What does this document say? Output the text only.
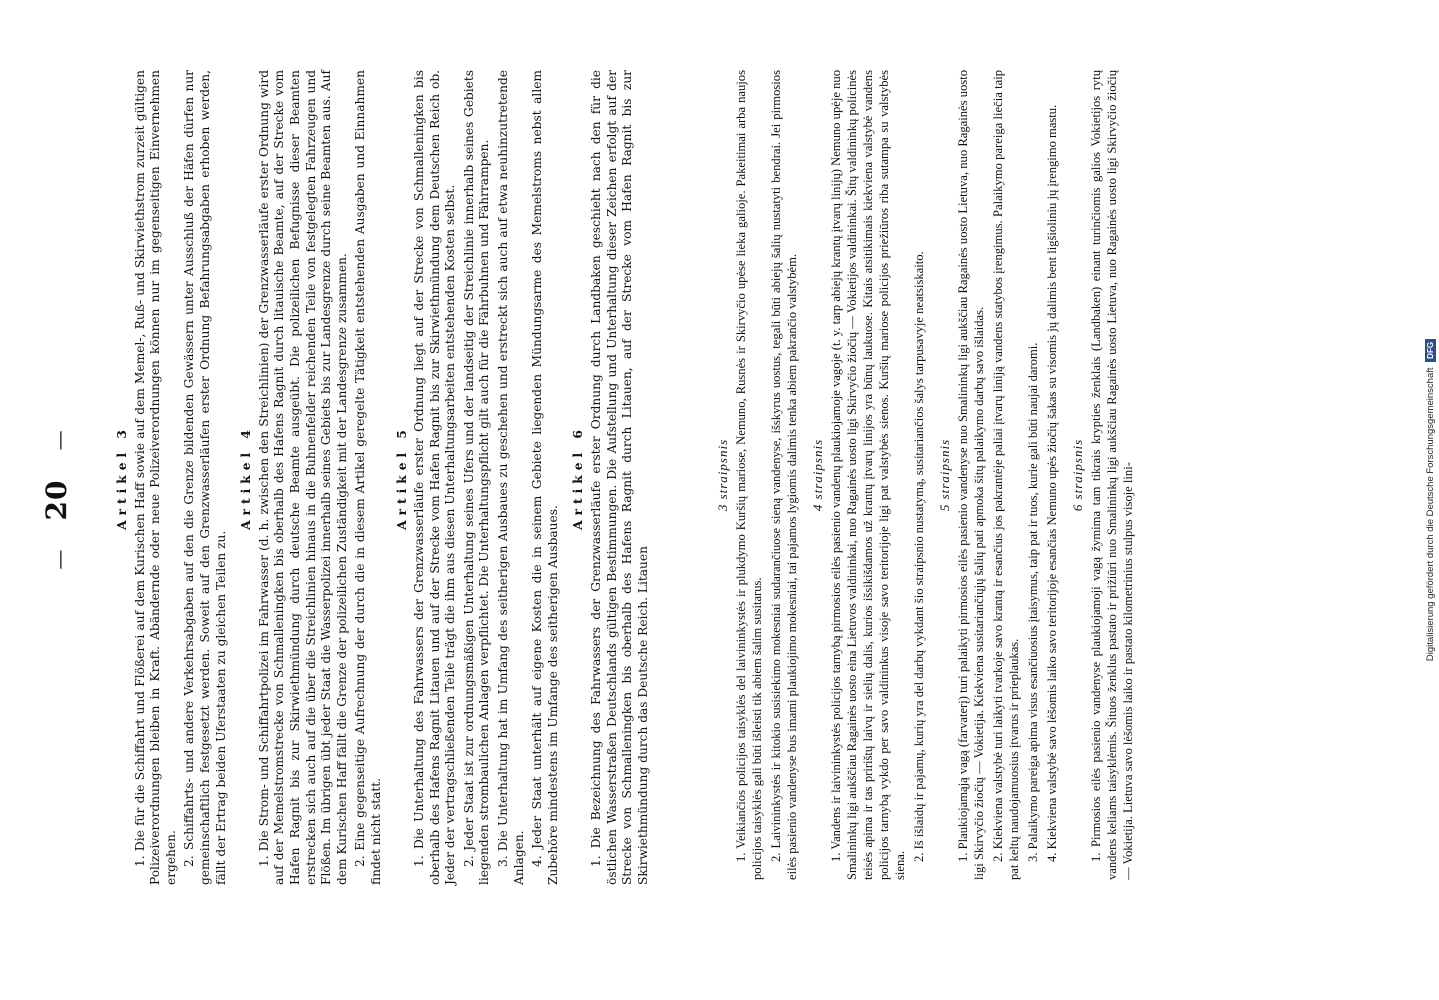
— 20 —	Artikel 3 1. Die für die Schiffahrt und Flößerei auf dem Kurischen Haff sowie auf dem Memel-, Ruß- und Skirwiethstrom zurzeit gültigen Polizeiverordnungen bleiben in Kraft. Abändernde oder neue Polizeiverordnungen können nur im gegenseitigen Einvernehmen ergehen. 2. Schiffahrts- und andere Verkehrsabgaben auf den die Grenze bildenden Gewässern unter Ausschluß der Häfen dürfen nur gemeinschaftlich festgesetzt werden. Soweit auf den Grenzwasserläufen erster Ordnung Befahrungsabgaben erhoben werden, fällt der Ertrag beiden Uferstaaten zu gleichen Teilen zu.

Artikel 4 1. Die Strom- und Schiffahrtpolizei im Fahrwasser (d. h. zwischen den Streichlinien) der Grenzwasserläufe erster Ordnung wird auf der Memelstromstrecke von Schmalleningken bis oberhalb des Hafens Ragnit durch litauische Beamte, auf der Strecke vom Hafen Ragnit bis zur Skirwiethmündung durch deutsche Beamte ausgeübt. Die polizeilichen Befugnisse dieser Beamten erstrecken sich auch auf die über die Streichlinien hinaus in die Buhnenfelder reichenden Teile von festgelegten Fahrzeugen und Flößen. Im übrigen übt jeder Staat die Wasserpolizei innerhalb seines Gebiets bis zur Landesgrenze durch seine Beamten aus. Auf dem Kurischen Haff fällt die Grenze der polizeilichen Zuständigkeit mit der Landesgrenze zusammen. 2. Eine gegenseitige Aufrechnung der durch die in diesem Artikel geregelte Tätigkeit entstehenden Ausgaben und Einnahmen findet nicht statt.

Artikel 5 1. Die Unterhaltung des Fahrwassers der Grenzwasserläufe erster Ordnung liegt auf der Strecke von Schmalleningken bis oberhalb des Hafens Ragnit Litauen und auf der Strecke vom Hafen Ragnit bis zur Skirwiethmündung dem Deutschen Reich ob. Jeder der vertragschließenden Teile trägt die ihm aus diesen Unterhaltungsarbeiten entstehenden Kosten selbst. 2. Jeder Staat ist zur ordnungsmäßigen Unterhaltung seines Ufers und der landseitig der Streichlinie innerhalb seines Gebiets liegenden strombaulichen Anlagen verpflichtet. Die Unterhaltungspflicht gilt auch für die Fährbuhnen und Fährrampen. 3. Die Unterhaltung hat im Umfang des seitherigen Ausbaues zu geschehen und erstreckt sich auch auf etwa neuhinzutretende Anlagen. 4. Jeder Staat unterhält auf eigene Kosten die in seinem Gebiete liegenden Mündungsarme des Memelstroms nebst allem Zubehöre mindestens im Umfange des seitherigen Ausbaues.

Artikel 6 1. Die Bezeichnung des Fahrwassers der Grenzwasserläufe erster Ordnung durch Landbaken geschieht nach den für die östlichen Wasserstraßen Deutschlands gültigen Bestimmungen. Die Aufstellung und Unterhaltung dieser Zeichen erfolgt auf der Strecke von Schmalleningken bis oberhalb des Hafens Ragnit durch Litauen, auf der Strecke vom Hafen Ragnit bis zur Skirwiethmündung durch das Deutsche Reich. Litauen

3 straipsnis 1. Veikiančios policijos taisyklės del laivininkystės ir plukdymo Kuršių mariose, Nemuno, Rusnės ir Skirvyčio upėse lieka galioje. Pakeitimai arba naujos policijos taisyklės gali būti išleisti tik abiem šalim susitarus. 2. Laivininkystės ir kitokio susisiekimo mokesniai sudarančiuose sieną vandenyse, išskyrus uostus, tegali būti abiejų šalių nustatyti bendrai. Jei pirmosios eilės pasienio vandenyse bus imami plaukiojimo mokesniai, tai pajamos lygiomis dalimis tenka abiem pakrančio valstybėm. 4 straipsnis 1. Vandens ir laivininkystės policijos tarnybą pirmosios eilės pasienio vandenų plaukiojamoje vagoje (t. y. tarp abiejų krantų įtvarų linijų) Nemuno upėje nuo Smalininkų ligi aukščiau Ragainės uosto eina Lietuvos valdininkai, nuo Ragainės uosto ligi Skirvyčio žiočių — Vokietijos valdininkai. Šitų valdininkų policinės teisės apima ir tas pririštų laivų ir sielių dalis, kurios išsikišdamos už krantų įtvarų linijos yra būnų laukuose. Kitais atsitikimais kiekviena valstybė vandens policijos tarnybą vykdo per savo valdininkus visoje savo teritorijoje ligi pat valstybės sienos. Kuršių mariose policijos priežiūros riba sutampa su valstybės siena.

2. Iš išlaidų ir pajamų, kurių yra del darbų vykdant šio straipsnio nustatymą, susitariančios šalys tarpusavyje neatsiskaito. 5 straipsnis 1. Plaukiojamąją vagą (farvaterį) turi palaikyti pirmosios eilės pasienio vandenyse nuo Smalininkų ligi aukščiau Ragainės uosto Lietuva, nuo Ragainės uosto ligi Skirvyčio žiočių — Vokietija. Kiekviena susitariančiųjų šalių pati apmoka šitų palaikymo darbų savo išlaidas. 2. Kiekviena valstybė turi laikyti tvarkoje savo krantą ir esančius jos pakrantėje paliai įtvarų liniją vandens statybos įrengimus. Palaikymo pareiga liečia taip pat keltų naudojamuosius įtvarus ir prieplaukas. 3. Palaikymo pareiga apima visus esančiuosius įtaisymus, taip pat ir tuos, kurie gali būti naujai daromi. 4. Kiekviena valstybė savo lėšomis laiko savo teritorijoje esančias Nemuno upės žiočių šakas su visomis jų dalimis bent ligšioliniu jų įrengimo mastu. 6 straipsnis 1. Pirmosios eilės pasienio vandenyse plaukiojamoji vagą žymima tam tikrais krypties ženklais (Landbaken) einant turinčiomis galios Vokietijos rytų vandens keliams taisyklėmis. Šituos ženklus pastato ir prižiūri nuo Smalininkų ligi aukščiau Ragainės uosto Lietuva, nuo Ragainės uosto ligi Skirvyčio žiočių — Vokietija. Lietuva savo lėšomis laiko ir pastato kilometrinius stulpus visoje lini-	Digitalisierung gefördert durch die Deutsche Forschungsgemeinschaft DFG
